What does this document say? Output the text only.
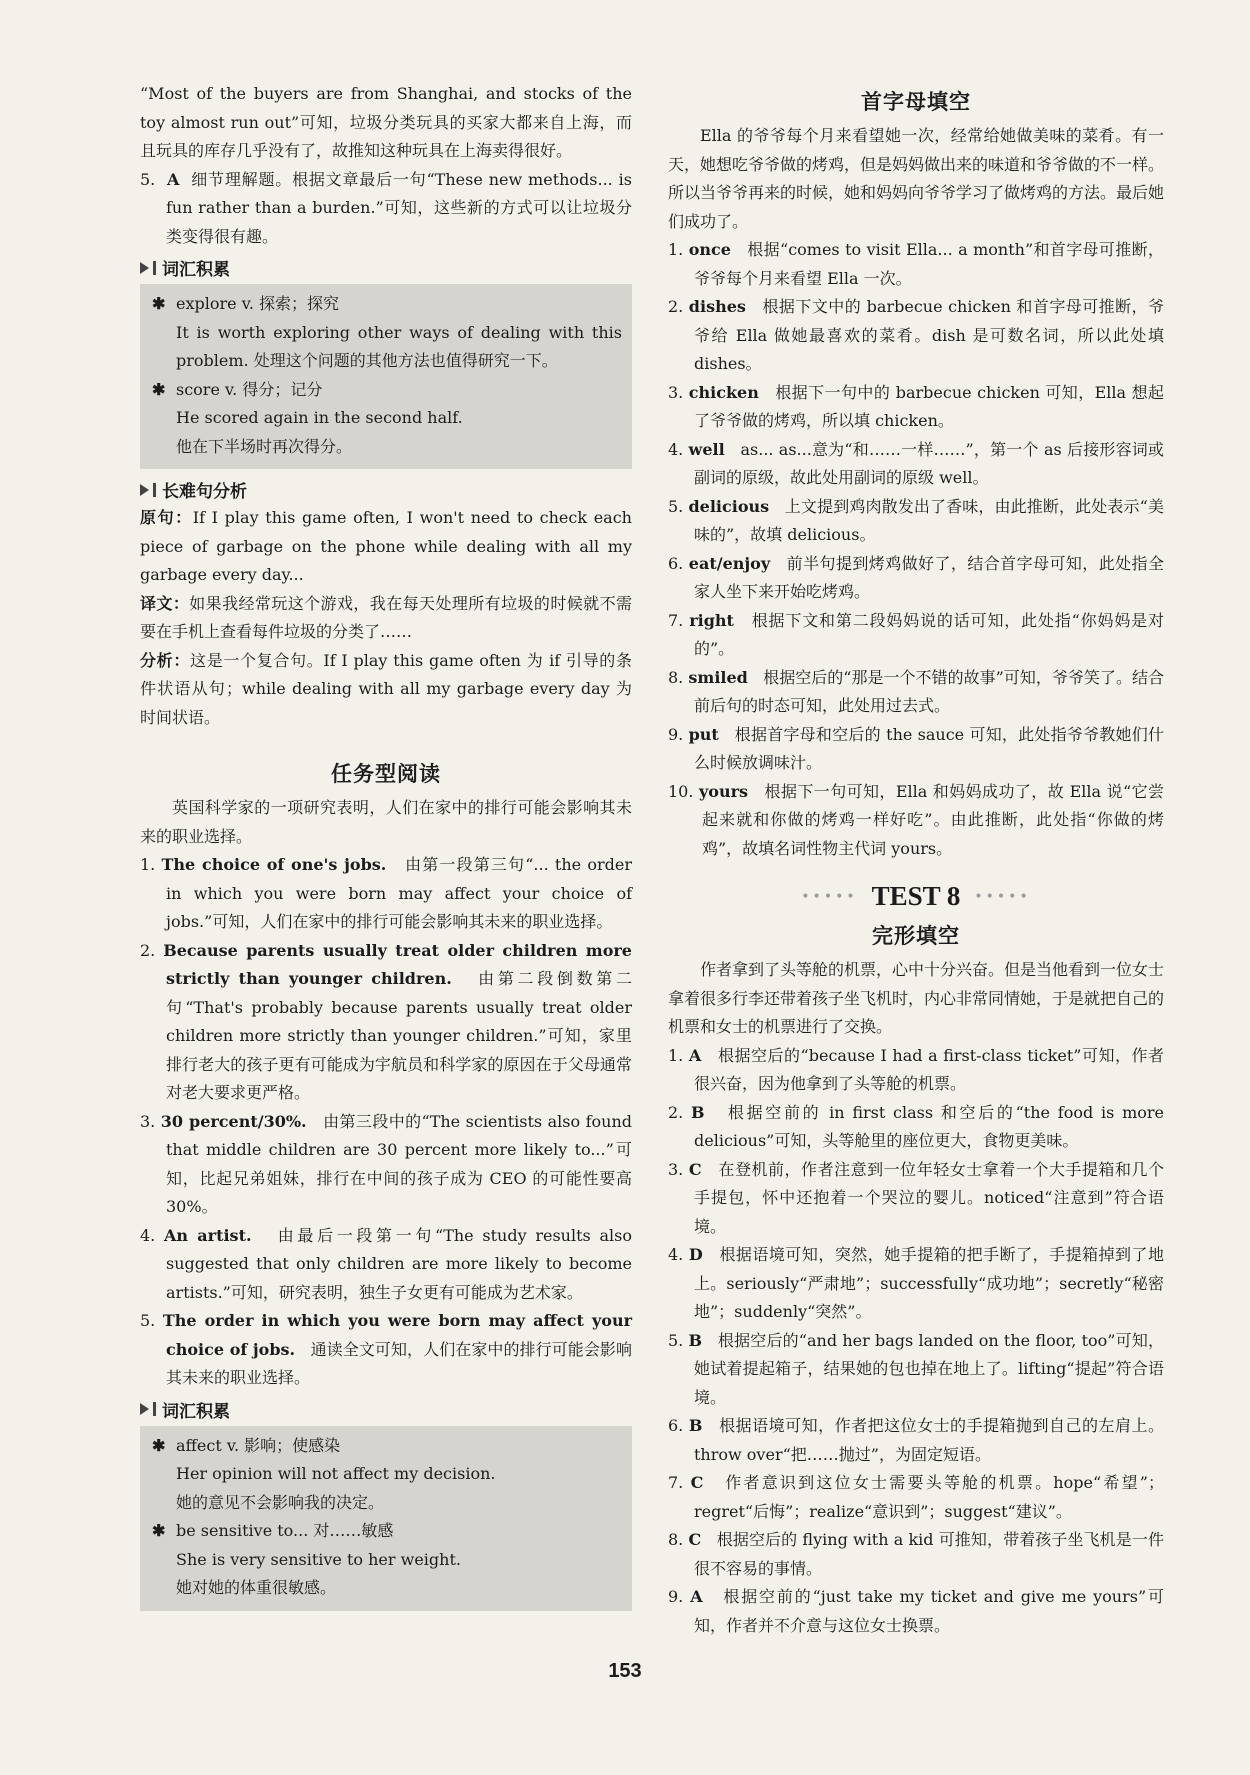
“Most of the buyers are from Shanghai, and stocks of the toy almost run out”可知，垃圾分类玩具的买家大都来自上海，而且玩具的库存几乎没有了，故推知这种玩具在上海卖得很好。

5. A 细节理解题。根据文章最后一句“These new methods... is fun rather than a burden.”可知，这些新的方式可以让垃圾分类变得很有趣。

词汇积累

✱ explore v. 探索；探究

It is worth exploring other ways of dealing with this problem. 处理这个问题的其他方法也值得研究一下。

✱ score v. 得分；记分

He scored again in the second half.

他在下半场时再次得分。

长难句分析

原句：If I play this game often, I won't need to check each piece of garbage on the phone while dealing with all my garbage every day...

译文：如果我经常玩这个游戏，我在每天处理所有垃圾的时候就不需要在手机上查看每件垃圾的分类了……

分析：这是一个复合句。If I play this game often 为 if 引导的条件状语从句；while dealing with all my garbage every day 为时间状语。

任务型阅读

英国科学家的一项研究表明，人们在家中的排行可能会影响其未来的职业选择。

1. The choice of one's jobs. 由第一段第三句“... the order in which you were born may affect your choice of jobs.”可知，人们在家中的排行可能会影响其未来的职业选择。

2. Because parents usually treat older children more strictly than younger children. 由第二段倒数第二句“That's probably because parents usually treat older children more strictly than younger children.”可知，家里排行老大的孩子更有可能成为宇航员和科学家的原因在于父母通常对老大要求更严格。

3. 30 percent/30%. 由第三段中的“The scientists also found that middle children are 30 percent more likely to...”可知，比起兄弟姐妹，排行在中间的孩子成为 CEO 的可能性要高 30%。

4. An artist. 由最后一段第一句“The study results also suggested that only children are more likely to become artists.”可知，研究表明，独生子女更有可能成为艺术家。

5. The order in which you were born may affect your choice of jobs. 通读全文可知，人们在家中的排行可能会影响其未来的职业选择。

词汇积累

✱ affect v. 影响；使感染

Her opinion will not affect my decision.

她的意见不会影响我的决定。

✱ be sensitive to... 对……敏感

She is very sensitive to her weight.

她对她的体重很敏感。

首字母填空

Ella 的爷爷每个月来看望她一次，经常给她做美味的菜肴。有一天，她想吃爷爷做的烤鸡，但是妈妈做出来的味道和爷爷做的不一样。所以当爷爷再来的时候，她和妈妈向爷爷学习了做烤鸡的方法。最后她们成功了。

1. once 根据“comes to visit Ella... a month”和首字母可推断，爷爷每个月来看望 Ella 一次。

2. dishes 根据下文中的 barbecue chicken 和首字母可推断，爷爷给 Ella 做她最喜欢的菜肴。dish 是可数名词，所以此处填 dishes。

3. chicken 根据下一句中的 barbecue chicken 可知，Ella 想起了爷爷做的烤鸡，所以填 chicken。

4. well as... as...意为“和……一样……”，第一个 as 后接形容词或副词的原级，故此处用副词的原级 well。

5. delicious 上文提到鸡肉散发出了香味，由此推断，此处表示“美味的”，故填 delicious。

6. eat/enjoy 前半句提到烤鸡做好了，结合首字母可知，此处指全家人坐下来开始吃烤鸡。

7. right 根据下文和第二段妈妈说的话可知，此处指“你妈妈是对的”。

8. smiled 根据空后的“那是一个不错的故事”可知，爷爷笑了。结合前后句的时态可知，此处用过去式。

9. put 根据首字母和空后的 the sauce 可知，此处指爷爷教她们什么时候放调味汁。

10. yours 根据下一句可知，Ella 和妈妈成功了，故 Ella 说“它尝起来就和你做的烤鸡一样好吃”。由此推断，此处指“你做的烤鸡”，故填名词性物主代词 yours。

••••• TEST 8 •••••
完形填空

作者拿到了头等舱的机票，心中十分兴奋。但是当他看到一位女士拿着很多行李还带着孩子坐飞机时，内心非常同情她，于是就把自己的机票和女士的机票进行了交换。

1. A 根据空后的“because I had a first-class ticket”可知，作者很兴奋，因为他拿到了头等舱的机票。

2. B 根据空前的 in first class 和空后的“the food is more delicious”可知，头等舱里的座位更大，食物更美味。

3. C 在登机前，作者注意到一位年轻女士拿着一个大手提箱和几个手提包，怀中还抱着一个哭泣的婴儿。noticed“注意到”符合语境。

4. D 根据语境可知，突然，她手提箱的把手断了，手提箱掉到了地上。seriously“严肃地”；successfully“成功地”；secretly“秘密地”；suddenly“突然”。

5. B 根据空后的“and her bags landed on the floor, too”可知，她试着提起箱子，结果她的包也掉在地上了。lifting“提起”符合语境。

6. B 根据语境可知，作者把这位女士的手提箱抛到自己的左肩上。throw over“把……抛过”，为固定短语。

7. C 作者意识到这位女士需要头等舱的机票。hope“希望”；regret“后悔”；realize“意识到”；suggest“建议”。

8. C 根据空后的 flying with a kid 可推知，带着孩子坐飞机是一件很不容易的事情。

9. A 根据空前的“just take my ticket and give me yours”可知，作者并不介意与这位女士换票。

153
